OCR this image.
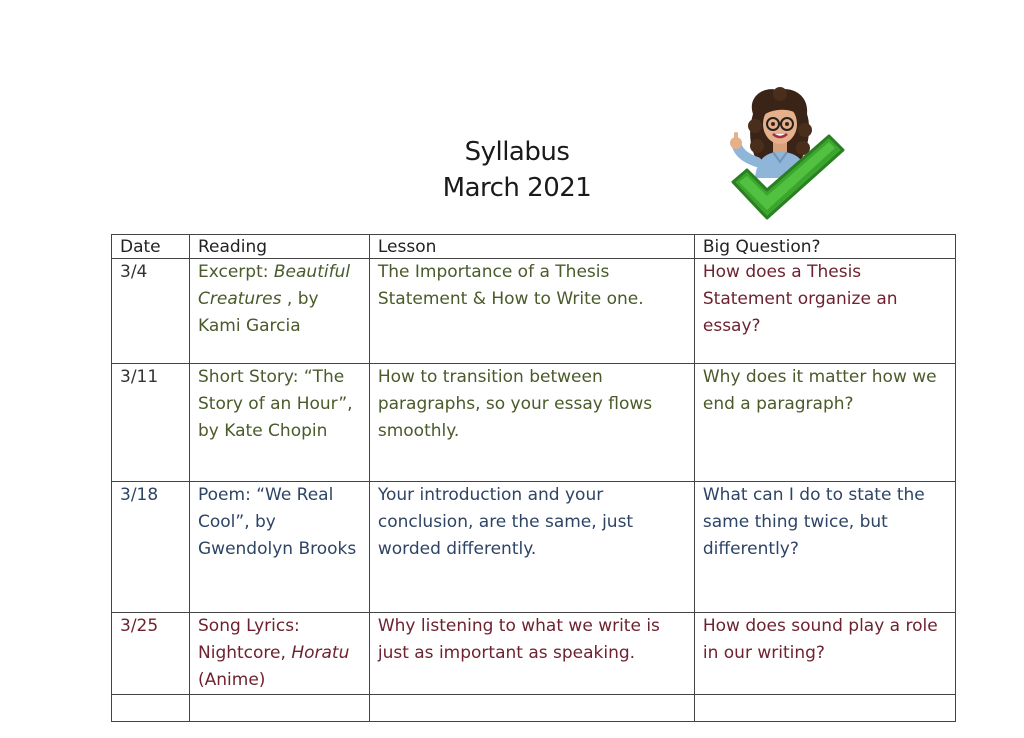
Syllabus
March 2021
Date	Reading	Lesson	Big Question?
3/4	Excerpt: Beautiful Creatures , by Kami Garcia	The Importance of a Thesis Statement & How to Write one.	How does a Thesis Statement organize an essay?
3/11	Short Story: “The Story of an Hour”, by Kate Chopin	How to transition between paragraphs, so your essay flows smoothly.	Why does it matter how we end a paragraph?
3/18	Poem: “We Real Cool”, by Gwendolyn Brooks	Your introduction and your conclusion, are the same, just worded differently.	What can I do to state the same thing twice, but differently?
3/25	Song Lyrics: Nightcore, Horatu (Anime)	Why listening to what we write is just as important as speaking.	How does sound play a role in our writing?
